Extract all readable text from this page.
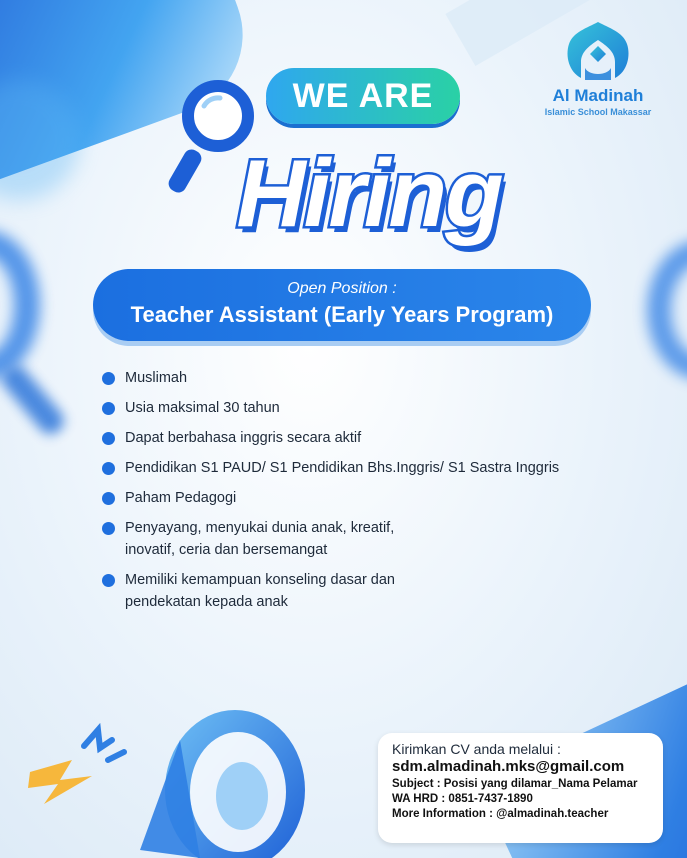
Al Madinah
Islamic School Makassar
WE ARE
Hiring
Open Position :
Teacher Assistant (Early Years Program)
Muslimah
Usia maksimal 30 tahun
Dapat berbahasa inggris secara aktif
Pendidikan S1 PAUD/ S1 Pendidikan Bhs.Inggris/ S1 Sastra Inggris
Paham Pedagogi
Penyayang, menyukai dunia anak, kreatif,
inovatif, ceria dan bersemangat
Memiliki kemampuan konseling dasar dan
pendekatan kepada anak
Kirimkan CV anda melalui :
sdm.almadinah.mks@gmail.com
Subject : Posisi yang dilamar_Nama Pelamar
WA HRD : 0851-7437-1890
More Information : @almadinah.teacher
